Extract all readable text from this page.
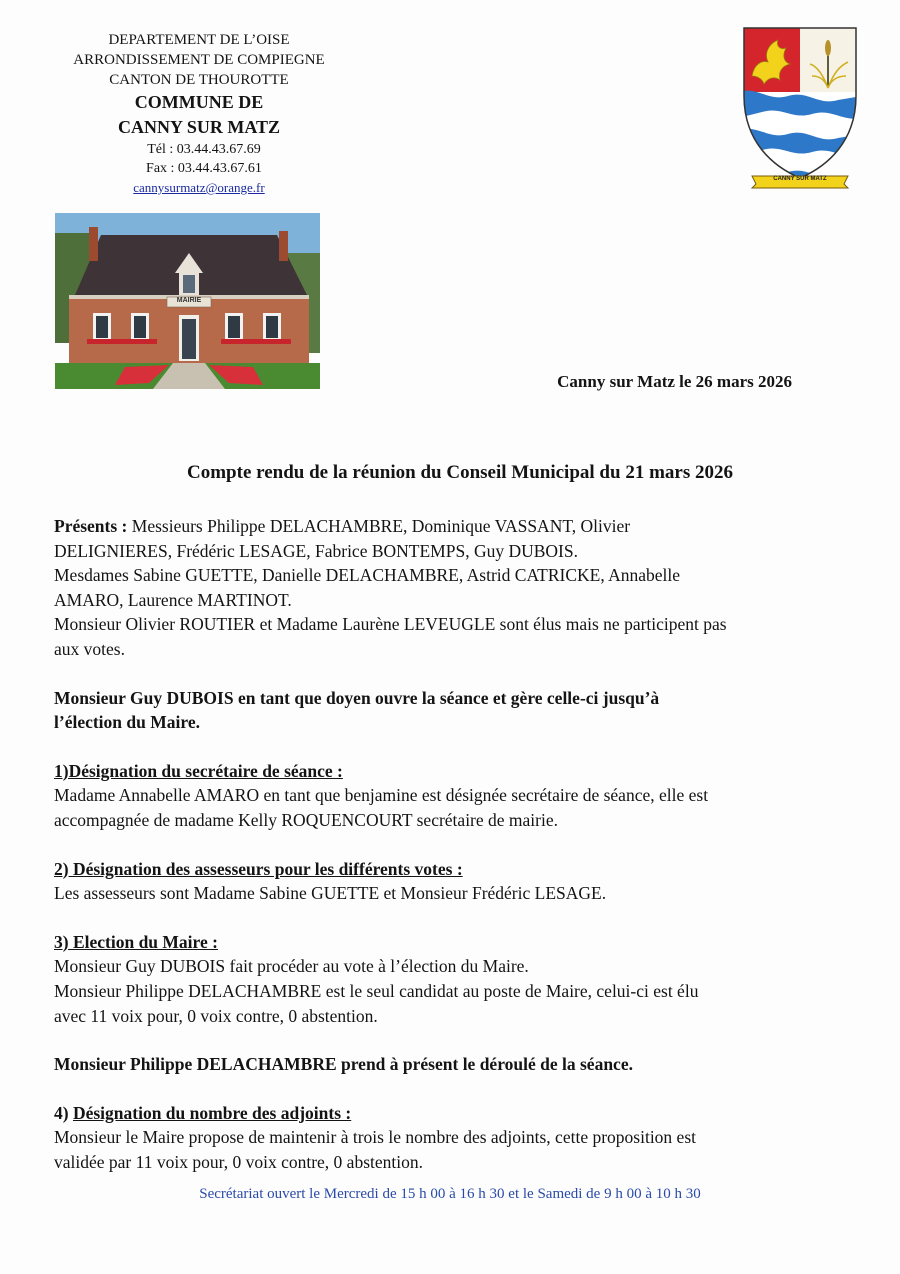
DEPARTEMENT DE L’OISE
ARRONDISSEMENT DE COMPIEGNE
CANTON DE THOUROTTE
COMMUNE DE
CANNY SUR MATZ
Tél : 03.44.43.67.69
Fax : 03.44.43.67.61
cannysurmatz@orange.fr
CANNY SUR MATZ
MAIRIE
Canny sur Matz le 26 mars 2026
Compte rendu de la réunion du Conseil Municipal du 21 mars 2026

Présents : Messieurs Philippe DELACHAMBRE, Dominique VASSANT, Olivier

DELIGNIERES, Frédéric LESAGE, Fabrice BONTEMPS, Guy DUBOIS.

Mesdames Sabine GUETTE, Danielle DELACHAMBRE, Astrid CATRICKE, Annabelle

AMARO, Laurence MARTINOT.

Monsieur Olivier ROUTIER et Madame Laurène LEVEUGLE sont élus mais ne participent pas

aux votes.

Monsieur Guy DUBOIS en tant que doyen ouvre la séance et gère celle-ci jusqu’à

l’élection du Maire.

1)Désignation du secrétaire de séance :

Madame Annabelle AMARO en tant que benjamine est désignée secrétaire de séance, elle est

accompagnée de madame Kelly ROQUENCOURT secrétaire de mairie.

2) Désignation des assesseurs pour les différents votes :

Les assesseurs sont Madame Sabine GUETTE et Monsieur Frédéric LESAGE.

3) Election du Maire :

Monsieur Guy DUBOIS fait procéder au vote à l’élection du Maire.

Monsieur Philippe DELACHAMBRE est le seul candidat au poste de Maire, celui-ci est élu

avec 11 voix pour, 0 voix contre, 0 abstention.

Monsieur Philippe DELACHAMBRE prend à présent le déroulé de la séance.

4) Désignation du nombre des adjoints :

Monsieur le Maire propose de maintenir à trois le nombre des adjoints, cette proposition est

validée par 11 voix pour, 0 voix contre, 0 abstention.

Secrétariat ouvert le Mercredi de 15 h 00 à 16 h 30 et le Samedi de 9 h 00 à 10 h 30
